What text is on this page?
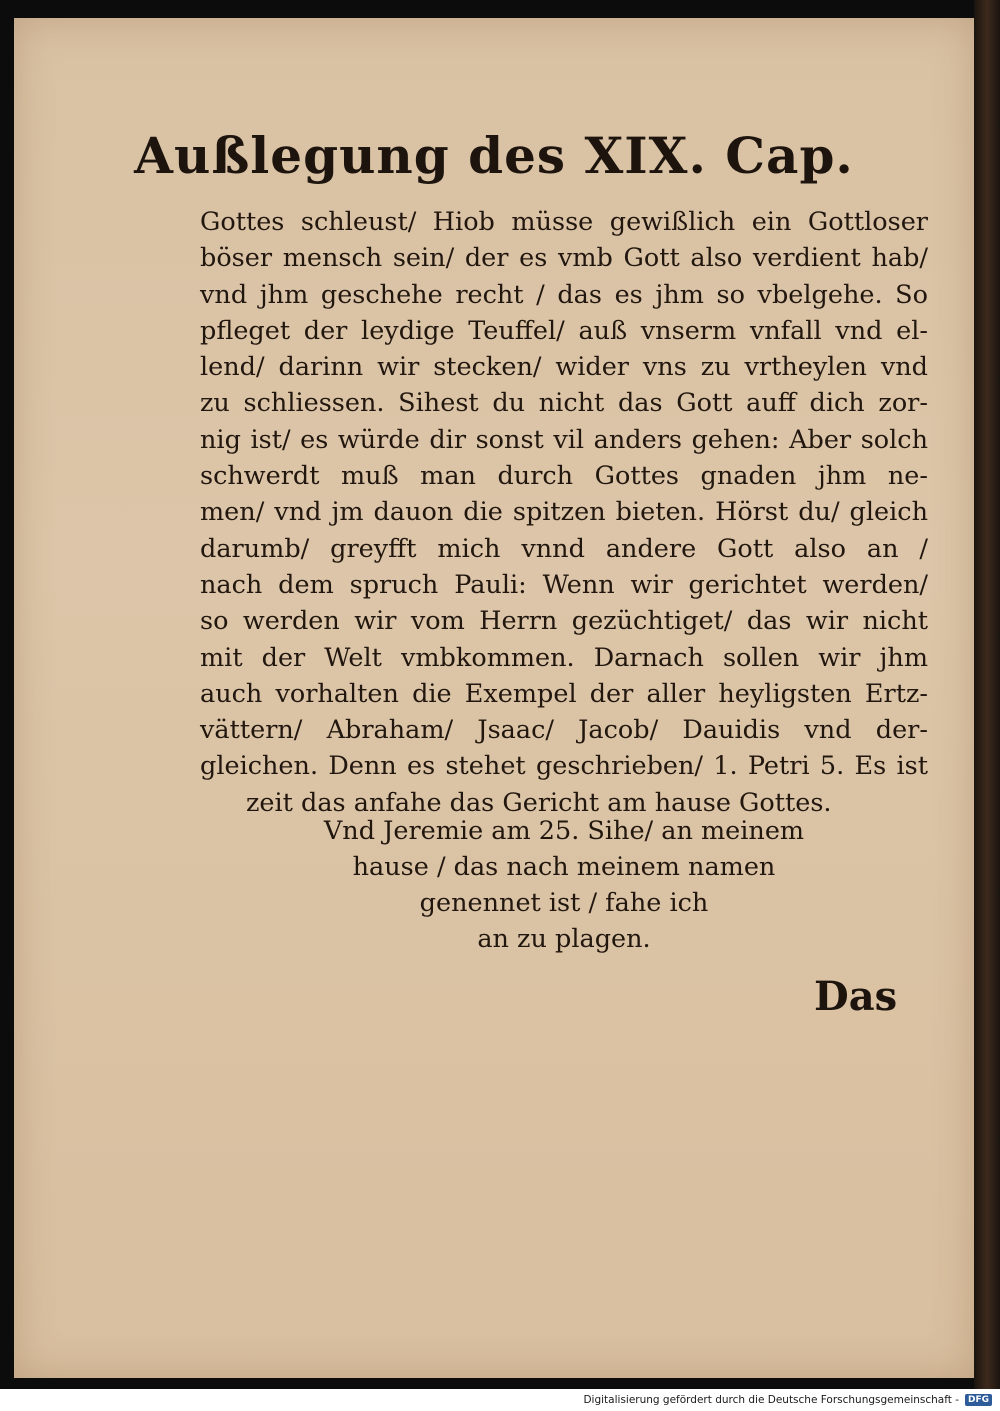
Außlegung des XIX. Cap.
Gottes schleust/ Hiob müsse gewißlich ein Gottloser
böser mensch sein/ der es vmb Gott also verdient hab/
vnd jhm geschehe recht / das es jhm so vbelgehe. So
pfleget der leydige Teuffel/ auß vnserm vnfall vnd el-
lend/ darinn wir stecken/ wider vns zu vrtheylen vnd
zu schliessen. Sihest du nicht das Gott auff dich zor-
nig ist/ es würde dir sonst vil anders gehen: Aber solch
schwerdt muß man durch Gottes gnaden jhm ne-
men/ vnd jm dauon die spitzen bieten. Hörst du/ gleich
darumb/ greyfft mich vnnd andere Gott also an /
nach dem spruch Pauli: Wenn wir gerichtet werden/
so werden wir vom Herrn gezüchtiget/ das wir nicht
mit der Welt vmbkommen. Darnach sollen wir jhm
auch vorhalten die Exempel der aller heyligsten Ertz-
vättern/ Abraham/ Jsaac/ Jacob/ Dauidis vnd der-
gleichen. Denn es stehet geschrieben/ 1. Petri 5. Es ist
zeit das anfahe das Gericht am hause Gottes.
Vnd Jeremie am 25. Sihe/ an meinem
hause / das nach meinem namen
genennet ist / fahe ich
an zu plagen.
Das
Digitalisierung gefördert durch die Deutsche Forschungsgemeinschaft -	DFG
